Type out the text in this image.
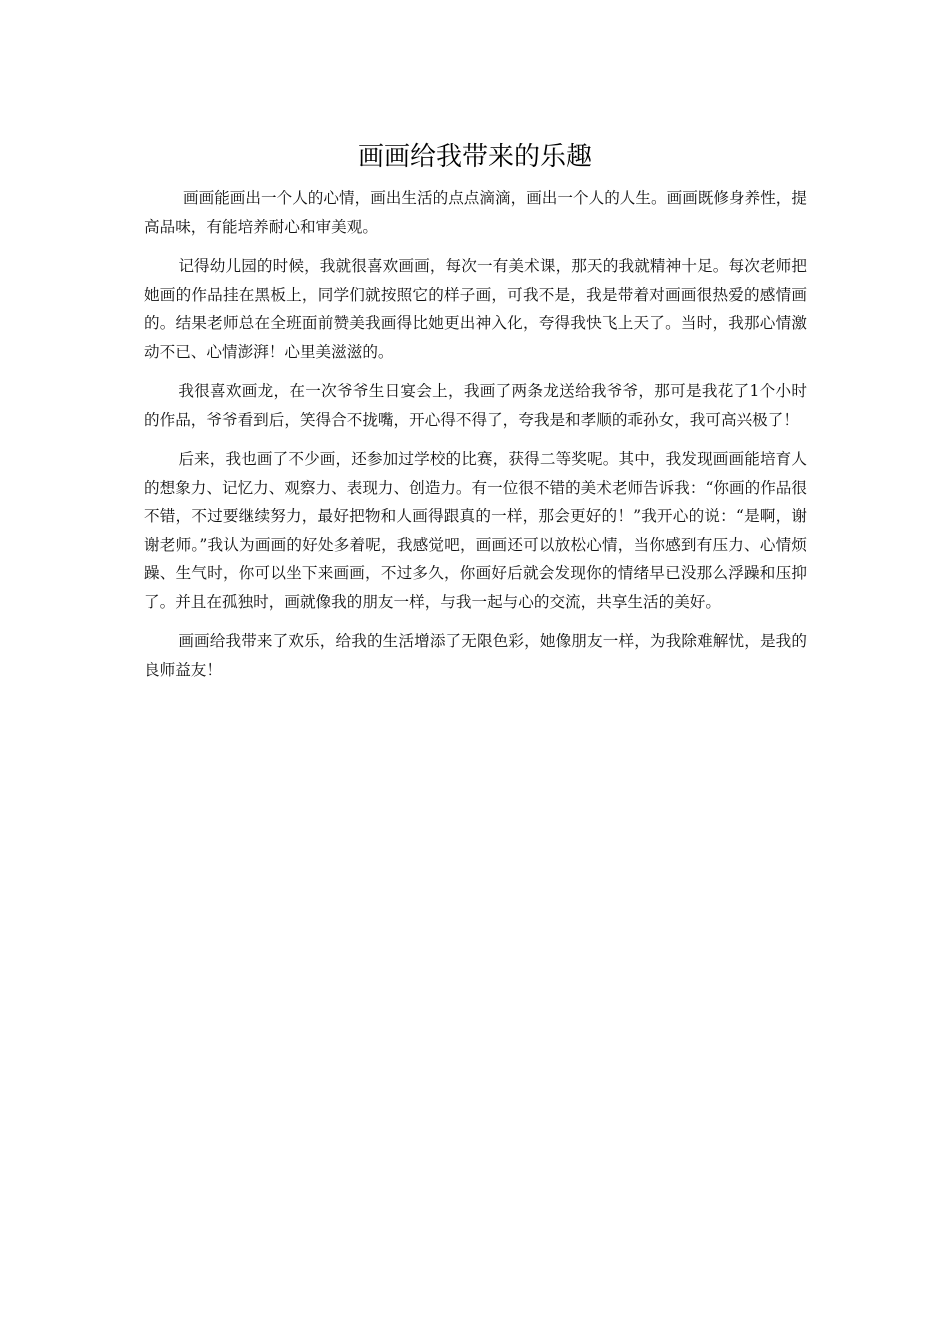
画画给我带来的乐趣

画画能画出一个人的心情，画出生活的点点滴滴，画出一个人的人生。画画既修身养性，提高品味，有能培养耐心和审美观。

记得幼儿园的时候，我就很喜欢画画，每次一有美术课，那天的我就精神十足。每次老师把她画的作品挂在黑板上，同学们就按照它的样子画，可我不是，我是带着对画画很热爱的感情画的。结果老师总在全班面前赞美我画得比她更出神入化，夸得我快飞上天了。当时，我那心情激动不已、心情澎湃！心里美滋滋的。

我很喜欢画龙，在一次爷爷生日宴会上，我画了两条龙送给我爷爷，那可是我花了1个小时的作品，爷爷看到后，笑得合不拢嘴，开心得不得了，夸我是和孝顺的乖孙女，我可高兴极了！

后来，我也画了不少画，还参加过学校的比赛，获得二等奖呢。其中，我发现画画能培育人的想象力、记忆力、观察力、表现力、创造力。有一位很不错的美术老师告诉我：“你画的作品很不错，不过要继续努力，最好把物和人画得跟真的一样，那会更好的！”我开心的说：“是啊，谢谢老师。”我认为画画的好处多着呢，我感觉吧，画画还可以放松心情，当你感到有压力、心情烦躁、生气时，你可以坐下来画画，不过多久，你画好后就会发现你的情绪早已没那么浮躁和压抑了。并且在孤独时，画就像我的朋友一样，与我一起与心的交流，共享生活的美好。

画画给我带来了欢乐，给我的生活增添了无限色彩，她像朋友一样，为我除难解忧，是我的良师益友！
